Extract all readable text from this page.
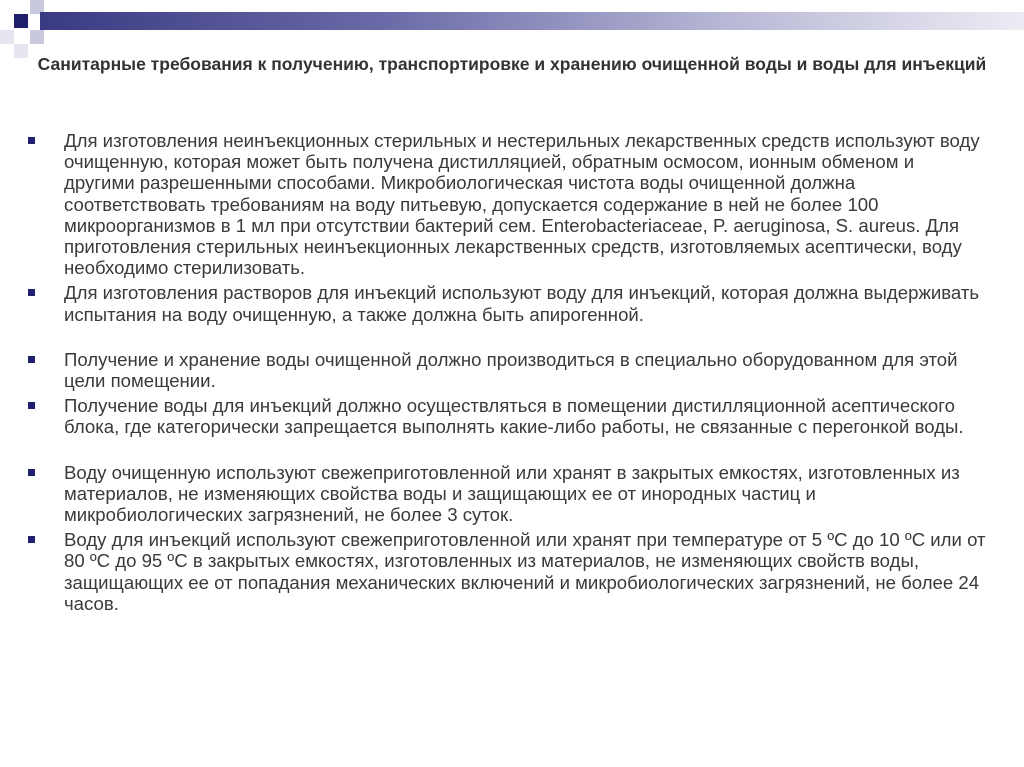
Санитарные требования к получению, транспортировке и хранению очищенной воды и воды для инъекций
Для изготовления неинъекционных стерильных и нестерильных лекарственных средств используют воду очищенную, которая может быть получена дистилляцией, обратным осмосом, ионным обменом и другими разрешенными способами. Микробиологическая чистота воды очищенной должна соответствовать требованиям на воду питьевую, допускается содержание в ней не более 100 микроорганизмов в 1 мл при отсутствии бактерий сем. Enterobacteriaceae, P. aeruginosa, S. aureus. Для приготовления стерильных неинъекционных лекарственных средств, изготовляемых асептически, воду необходимо стерилизовать.
Для изготовления растворов для инъекций используют воду для инъекций, которая должна выдерживать испытания на воду очищенную, а также должна быть апирогенной.
Получение и хранение воды очищенной должно производиться в специально оборудованном для этой цели помещении.
Получение воды для инъекций должно осуществляться в помещении дистилляционной асептического блока, где категорически запрещается выполнять какие-либо работы, не связанные с перегонкой воды.
Воду очищенную используют свежеприготовленной или хранят в закрытых емкостях, изготовленных из материалов, не изменяющих свойства воды и защищающих ее от инородных частиц и микробиологических загрязнений, не более 3 суток.
Воду для инъекций используют свежеприготовленной или хранят при температуре от 5 ºС до 10 ºС или от 80 ºС до 95 ºС в закрытых емкостях, изготовленных из материалов, не изменяющих свойств воды, защищающих ее от попадания механических включений и микробиологических загрязнений, не более 24 часов.
